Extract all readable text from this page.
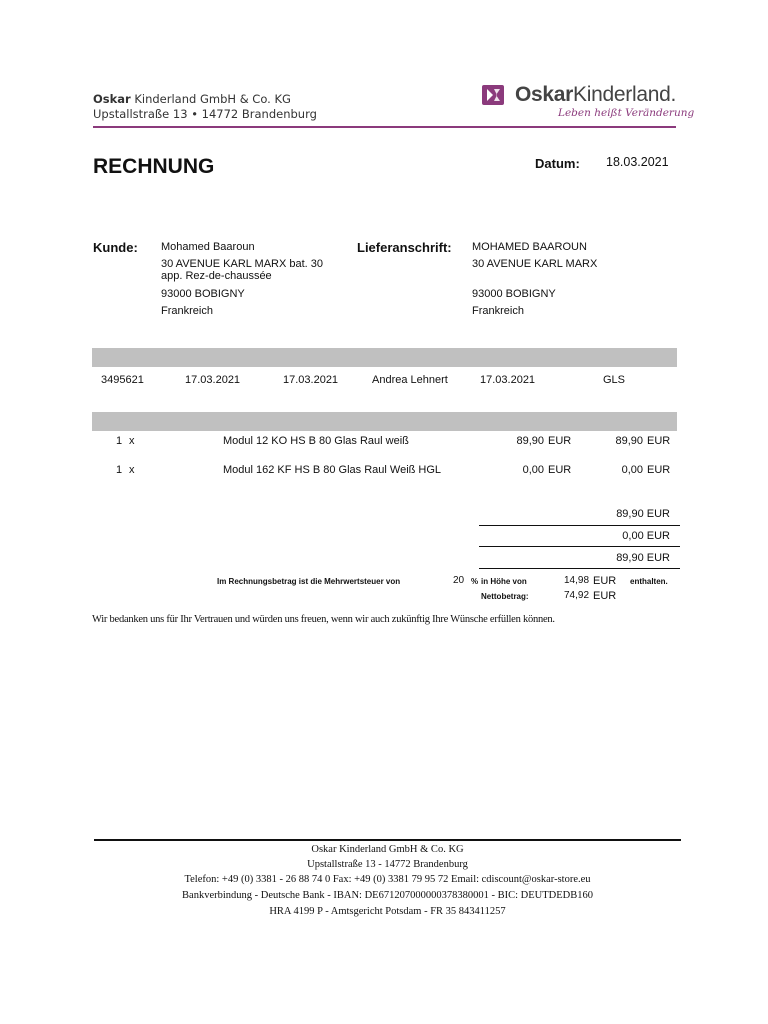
Oskar Kinderland GmbH & Co. KG
Upstallstraße 13 • 14772 Brandenburg
OskarKinderland.
Leben heißt Veränderung
RECHNUNG	Datum: 18.03.2021
Kunde: Mohamed Baaroun
30 AVENUE KARL MARX bat. 30
app. Rez-de-chaussée
93000 BOBIGNY
Frankreich
Lieferanschrift: MOHAMED BAAROUN
30 AVENUE KARL MARX
93000 BOBIGNY
Frankreich
3495621	17.03.2021	17.03.2021	Andrea Lehnert	17.03.2021	GLS
1 x	Modul 12 KO HS B 80 Glas Raul weiß	89,90 EUR	89,90 EUR
1 x	Modul 162 KF HS B 80 Glas Raul Weiß HGL	0,00 EUR	0,00 EUR
89,90 EUR
0,00 EUR
89,90 EUR
Im Rechnungsbetrag ist die Mehrwertsteuer von	20 % in Höhe von	14,98 EUR enthalten.
Nettobetrag:	74,92 EUR
Wir bedanken uns für Ihr Vertrauen und würden uns freuen, wenn wir auch zukünftig Ihre Wünsche erfüllen können.
Oskar Kinderland GmbH & Co. KG
Upstallstraße 13 - 14772 Brandenburg
Telefon: +49 (0) 3381 - 26 88 74 0 Fax: +49 (0) 3381 79 95 72 Email: cdiscount@oskar-store.eu
Bankverbindung - Deutsche Bank - IBAN: DE671207000000378380001 - BIC: DEUTDEDB160
HRA 4199 P - Amtsgericht Potsdam - FR 35 843411257
